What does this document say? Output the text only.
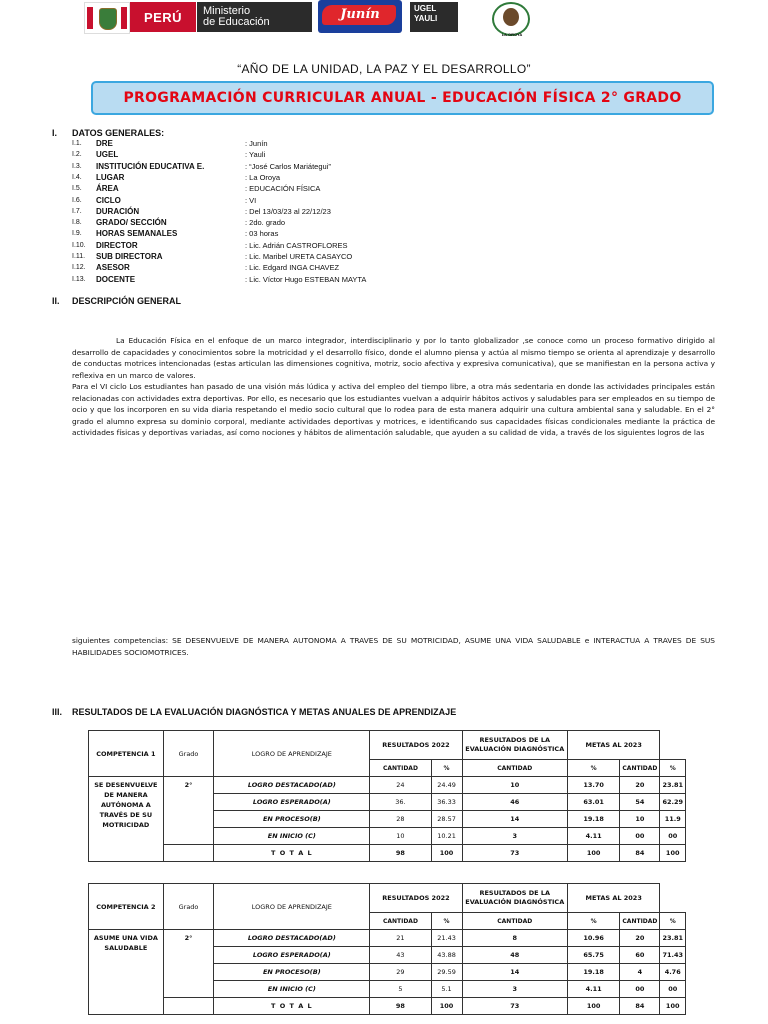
PERÚ	Ministerio
de Educación	Junín	UGEL
YAULI
LA OROYA
“AÑO DE LA UNIDAD, LA PAZ Y EL DESARROLLO”
PROGRAMACIÓN CURRICULAR ANUAL - EDUCACIÓN FÍSICA 2° GRADO
I. DATOS GENERALES:
I.1. DRE	: Junín
I.2. UGEL	: Yauli
I.3. INSTITUCIÓN EDUCATIVA E.	: “José Carlos Mariátegui”
I.4. LUGAR	: La Oroya
I.5. ÁREA	: EDUCACIÓN FÍSICA
I.6. CICLO	: VI
I.7. DURACIÓN	: Del 13/03/23 al 22/12/23
I.8. GRADO/ SECCIÓN	: 2do. grado
I.9. HORAS SEMANALES	: 03 horas
I.10. DIRECTOR	: Lic. Adrián CASTROFLORES
I.11. SUB DIRECTORA	: Lic. Maribel URETA CASAYCO
I.12. ASESOR	: Lic. Edgard INGA CHAVEZ
I.13. DOCENTE	: Lic. Víctor Hugo ESTEBAN MAYTA
II. DESCRIPCIÓN GENERAL
La Educación Física en el enfoque de un marco integrador, interdisciplinario y por lo tanto globalizador ,se conoce como un proceso formativo dirigido al desarrollo de capacidades y conocimientos sobre la motricidad y el desarrollo físico, donde el alumno piensa y actúa al mismo tiempo se orienta al aprendizaje y desarrollo de conductas motrices intencionadas (estas articulan las dimensiones cognitiva, motriz, socio afectiva y expresiva comunicativa), que se manifiestan en la persona activa y reflexiva en un marco de valores.
Para el VI ciclo Los estudiantes han pasado de una visión más lúdica y activa del empleo del tiempo libre, a otra más sedentaria en donde las actividades principales están relacionadas con actividades extra deportivas. Por ello, es necesario que los estudiantes vuelvan a adquirir hábitos activos y saludables para ser empleados en su tiempo de ocio y que los incorporen en su vida diaria respetando el medio socio cultural que lo rodea para de esta manera adquirir una cultura ambiental sana y saludable. En el 2° grado el alumno expresa su dominio corporal, mediante actividades deportivas y motrices, e identificando sus capacidades físicas condicionales mediante la práctica de actividades físicas y deportivas variadas, así como nociones y hábitos de alimentación saludable, que ayuden a su calidad de vida, a través de los siguientes logros de las
siguientes competencias: SE DESENVUELVE DE MANERA AUTONOMA A TRAVES DE SU MOTRICIDAD, ASUME UNA VIDA SALUDABLE e INTERACTUA A TRAVES DE SUS HABILIDADES SOCIOMOTRICES.
III. RESULTADOS DE LA EVALUACIÓN DIAGNÓSTICA Y METAS ANUALES DE APRENDIZAJE
COMPETENCIA 1	Grado	LOGRO DE APRENDIZAJE	RESULTADOS 2022		RESULTADOS DE LA EVALUACIÓN DIAGNÓSTICA	METAS AL 2023		
			CANTIDAD	%	CANTIDAD	%	CANTIDAD	%
SE DESENVUELVE DE MANERA AUTÓNOMA A TRAVÉS DE SU MOTRICIDAD	2°	LOGRO DESTACADO(AD)	24	24.49	10	13.70	20	23.81
		LOGRO ESPERADO(A)	36.	36.33	46	63.01	54	62.29
		EN PROCESO(B)	28	28.57	14	19.18	10	11.9
		EN INICIO (C)	10	10.21	3	4.11	00	00
		T O T A L	98	100	73	100	84	100
COMPETENCIA 2	Grado	LOGRO DE APRENDIZAJE	RESULTADOS 2022		RESULTADOS DE LA EVALUACIÓN DIAGNÓSTICA	METAS AL 2023		
			CANTIDAD	%	CANTIDAD	%	CANTIDAD	%
ASUME UNA VIDA SALUDABLE	2°	LOGRO DESTACADO(AD)	21	21.43	8	10.96	20	23.81
		LOGRO ESPERADO(A)	43	43.88	48	65.75	60	71.43
		EN PROCESO(B)	29	29.59	14	19.18	4	4.76
		EN INICIO (C)	5	5.1	3	4.11	00	00
		T O T A L	98	100	73	100	84	100
